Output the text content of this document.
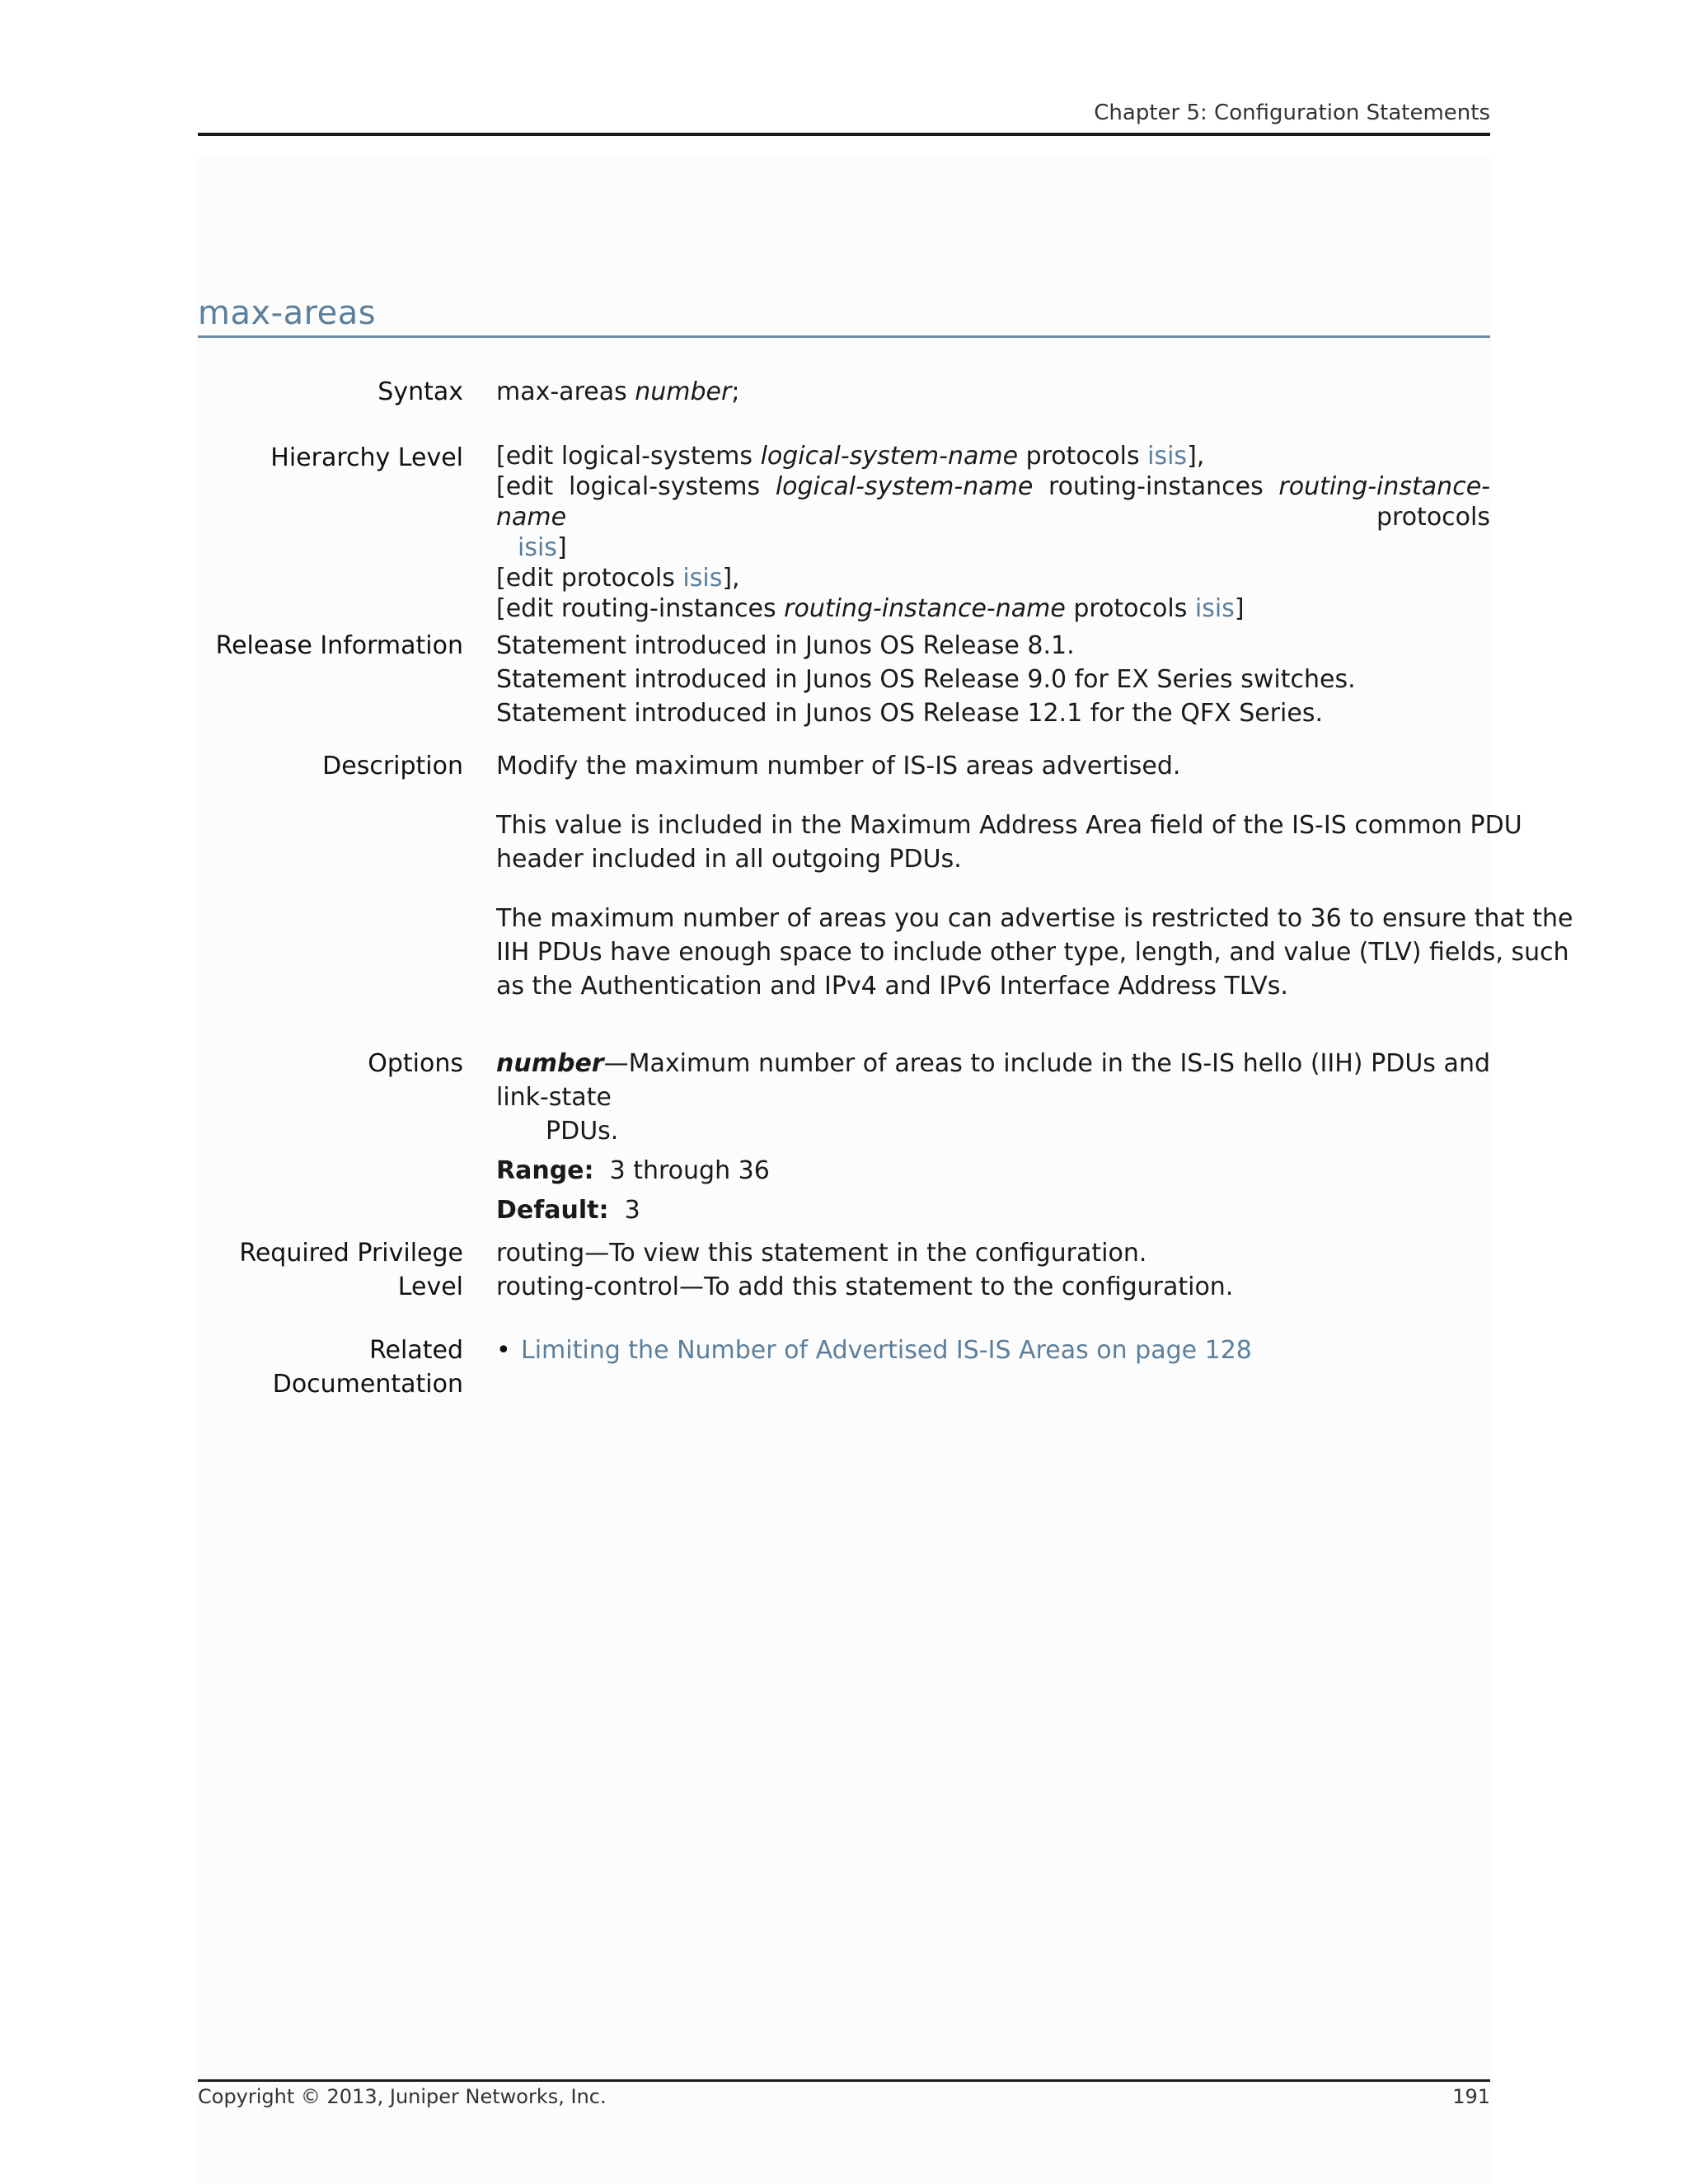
Chapter 5: Configuration Statements
max-areas
Syntax max-areas number;
Hierarchy Level [edit logical-systems logical-system-name protocols isis],
[edit logical-systems logical-system-name routing-instances routing-instance-name protocols
isis]
[edit protocols isis],
[edit routing-instances routing-instance-name protocols isis]
Release Information Statement introduced in Junos OS Release 8.1.
Statement introduced in Junos OS Release 9.0 for EX Series switches.
Statement introduced in Junos OS Release 12.1 for the QFX Series.
Description Modify the maximum number of IS-IS areas advertised.
This value is included in the Maximum Address Area field of the IS-IS common PDU
header included in all outgoing PDUs.
The maximum number of areas you can advertise is restricted to 36 to ensure that the
IIH PDUs have enough space to include other type, length, and value (TLV) fields, such
as the Authentication and IPv4 and IPv6 Interface Address TLVs.
Options number—Maximum number of areas to include in the IS-IS hello (IIH) PDUs and link-state
PDUs.
Range: 3 through 36
Default: 3
Required Privilege
Level
routing—To view this statement in the configuration.
routing-control—To add this statement to the configuration.
Related
Documentation
• Limiting the Number of Advertised IS-IS Areas on page 128
Copyright © 2013, Juniper Networks, Inc.	191
